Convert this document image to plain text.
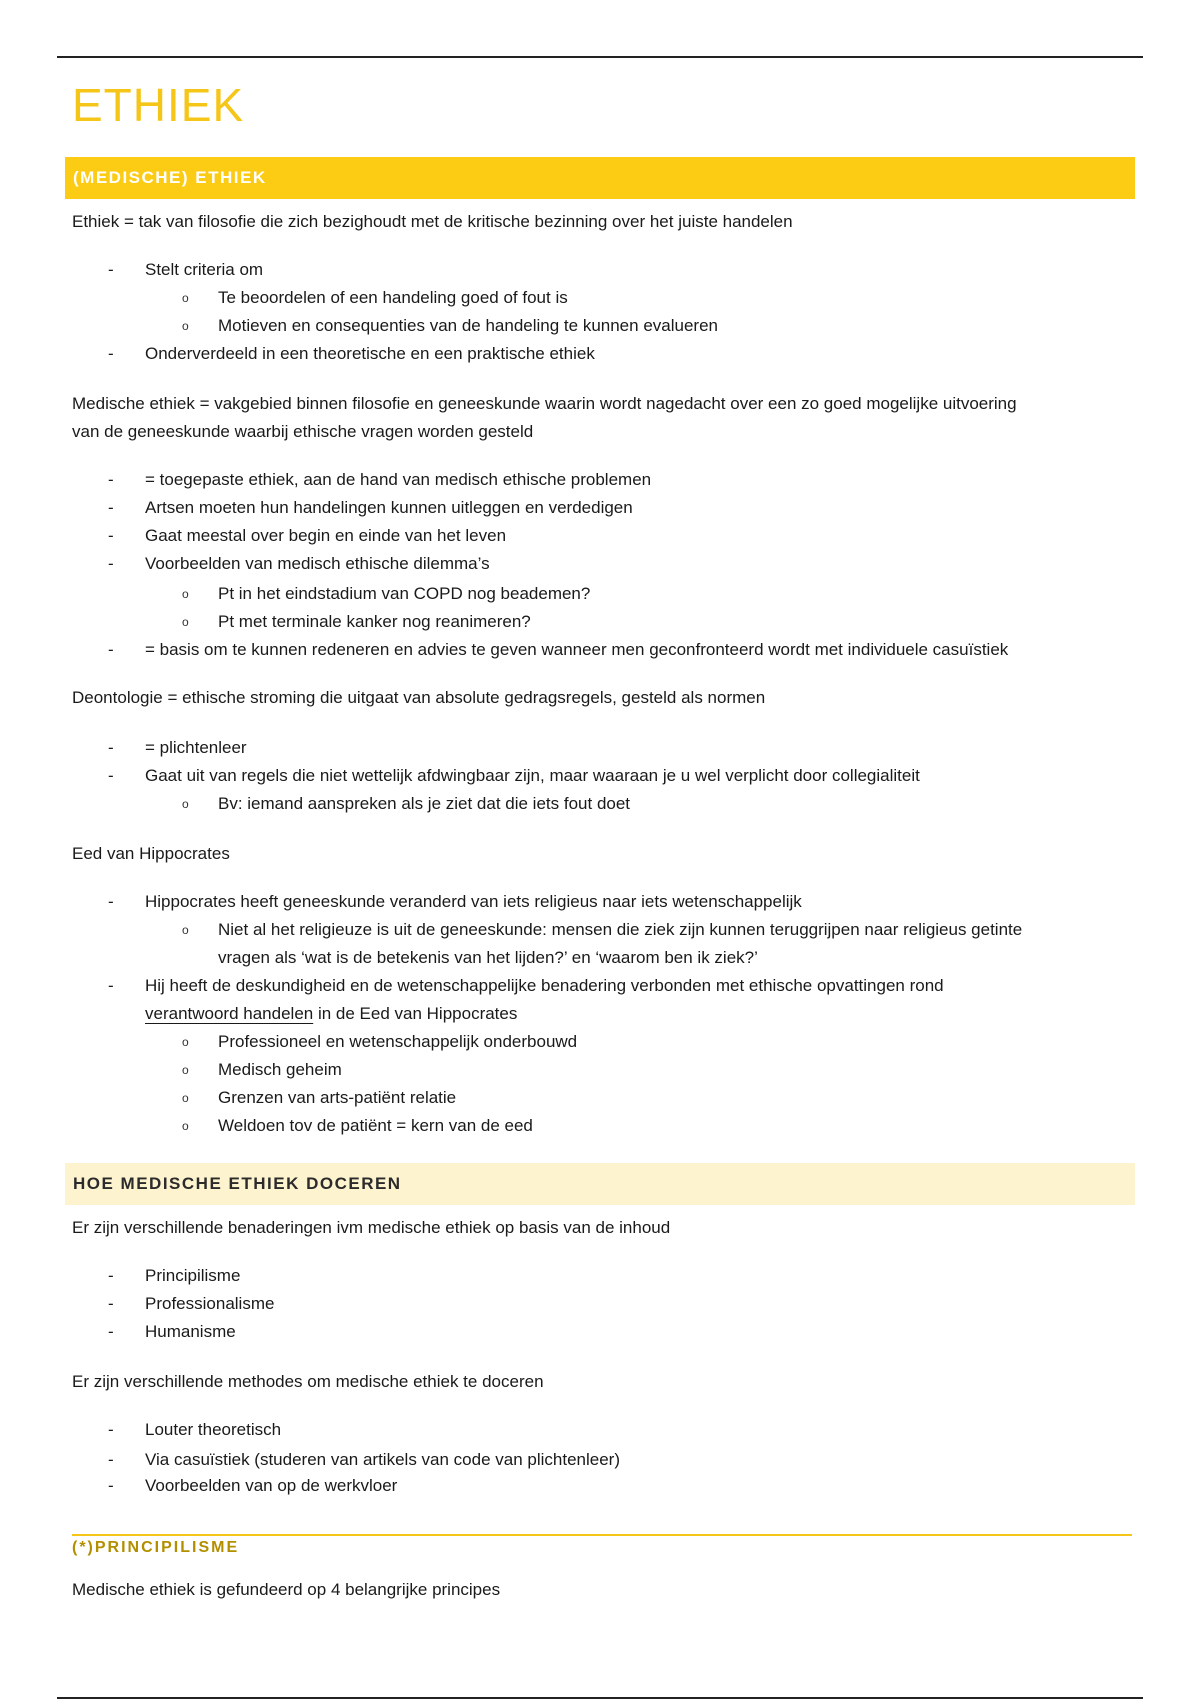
ETHIEK
(MEDISCHE) ETHIEK
Ethiek = tak van filosofie die zich bezighoudt met de kritische bezinning over het juiste handelen
- Stelt criteria om
o Te beoordelen of een handeling goed of fout is
o Motieven en consequenties van de handeling te kunnen evalueren
- Onderverdeeld in een theoretische en een praktische ethiek
Medische ethiek = vakgebied binnen filosofie en geneeskunde waarin wordt nagedacht over een zo goed mogelijke uitvoering
van de geneeskunde waarbij ethische vragen worden gesteld
- = toegepaste ethiek, aan de hand van medisch ethische problemen
- Artsen moeten hun handelingen kunnen uitleggen en verdedigen
- Gaat meestal over begin en einde van het leven
- Voorbeelden van medisch ethische dilemma’s
o Pt in het eindstadium van COPD nog beademen?
o Pt met terminale kanker nog reanimeren?
- = basis om te kunnen redeneren en advies te geven wanneer men geconfronteerd wordt met individuele casuïstiek
Deontologie = ethische stroming die uitgaat van absolute gedragsregels, gesteld als normen
- = plichtenleer
- Gaat uit van regels die niet wettelijk afdwingbaar zijn, maar waaraan je u wel verplicht door collegialiteit
o Bv: iemand aanspreken als je ziet dat die iets fout doet
Eed van Hippocrates
- Hippocrates heeft geneeskunde veranderd van iets religieus naar iets wetenschappelijk
o Niet al het religieuze is uit de geneeskunde: mensen die ziek zijn kunnen teruggrijpen naar religieus getinte
vragen als ‘wat is de betekenis van het lijden?’ en ‘waarom ben ik ziek?’
- Hij heeft de deskundigheid en de wetenschappelijke benadering verbonden met ethische opvattingen rond
verantwoord handelen in de Eed van Hippocrates
o Professioneel en wetenschappelijk onderbouwd
o Medisch geheim
o Grenzen van arts-patiënt relatie
o Weldoen tov de patiënt = kern van de eed
HOE MEDISCHE ETHIEK DOCEREN
Er zijn verschillende benaderingen ivm medische ethiek op basis van de inhoud
- Principilisme
- Professionalisme
- Humanisme
Er zijn verschillende methodes om medische ethiek te doceren
- Louter theoretisch
- Via casuïstiek (studeren van artikels van code van plichtenleer)
- Voorbeelden van op de werkvloer
(*)PRINCIPILISME
Medische ethiek is gefundeerd op 4 belangrijke principes
